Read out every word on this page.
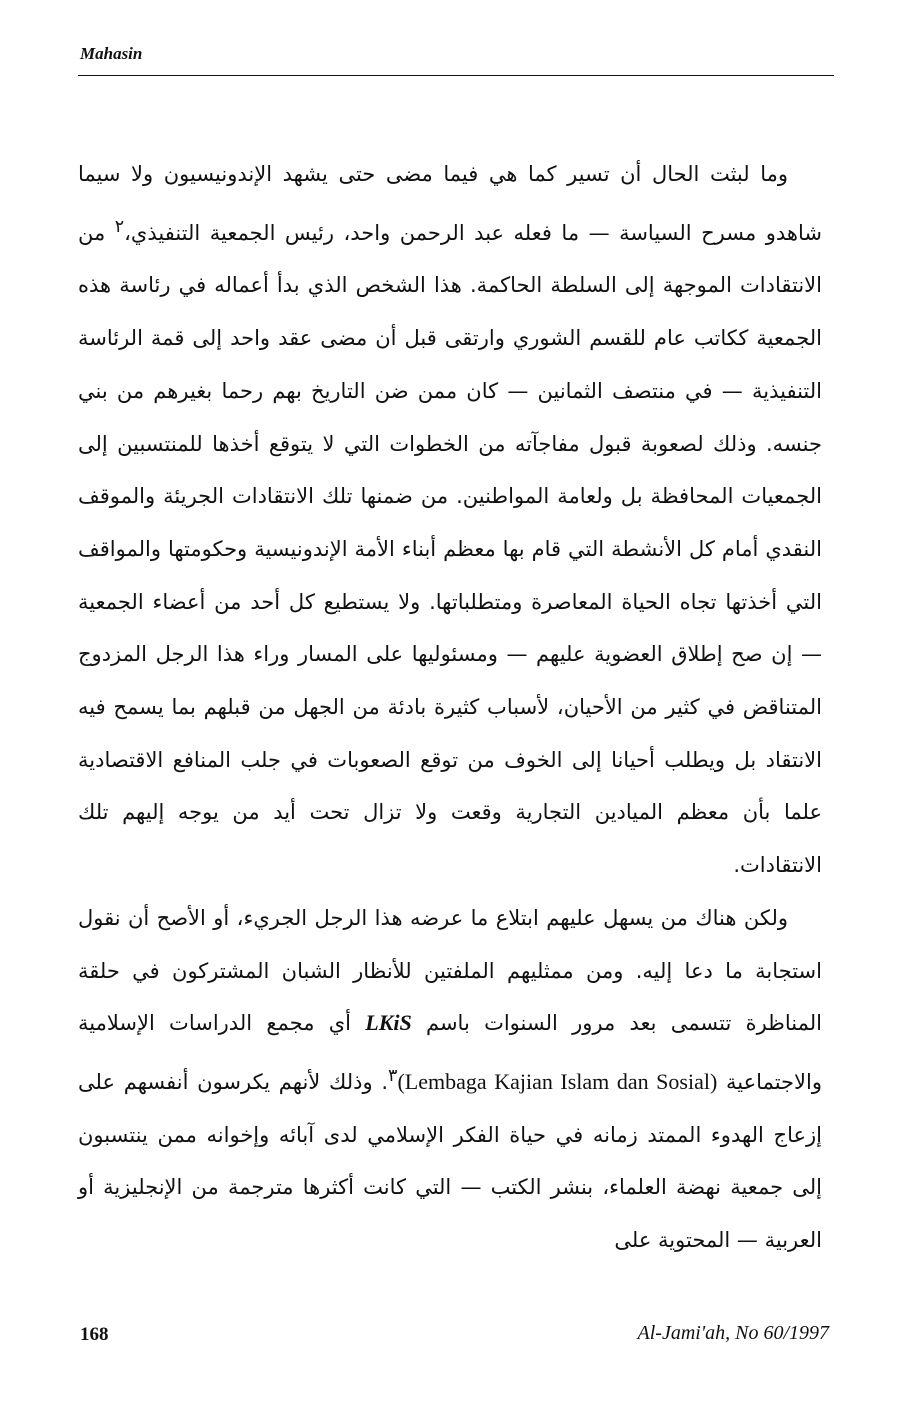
Mahasin

وما لبثت الحال أن تسير كما هي فيما مضى حتى يشهد الإندونيسيون ولا سيما شاهدو مسرح السياسة — ما فعله عبد الرحمن واحد، رئيس الجمعية التنفيذي،$^٢$ من الانتقادات الموجهة إلى السلطة الحاكمة. هذا الشخص الذي بدأ أعماله في رئاسة هذه الجمعية ككاتب عام للقسم الشوري وارتقى قبل أن مضى عقد واحد إلى قمة الرئاسة التنفيذية — في منتصف الثمانين — كان ممن ضن التاريخ بهم رحما بغيرهم من بني جنسه. وذلك لصعوبة قبول مفاجآته من الخطوات التي لا يتوقع أخذها للمنتسبين إلى الجمعيات المحافظة بل ولعامة المواطنين. من ضمنها تلك الانتقادات الجريئة والموقف النقدي أمام كل الأنشطة التي قام بها معظم أبناء الأمة الإندونيسية وحكومتها والمواقف التي أخذتها تجاه الحياة المعاصرة ومتطلباتها. ولا يستطيع كل أحد من أعضاء الجمعية — إن صح إطلاق العضوية عليهم — ومسئوليها على المسار وراء هذا الرجل المزدوج المتناقض في كثير من الأحيان، لأسباب كثيرة بادئة من الجهل من قبلهم بما يسمح فيه الانتقاد بل ويطلب أحيانا إلى الخوف من توقع الصعوبات في جلب المنافع الاقتصادية علما بأن معظم الميادين التجارية وقعت ولا تزال تحت أيد من يوجه إليهم تلك الانتقادات.

ولكن هناك من يسهل عليهم ابتلاع ما عرضه هذا الرجل الجريء، أو الأصح أن نقول استجابة ما دعا إليه. ومن ممثليهم الملفتين للأنظار الشبان المشتركون في حلقة المناظرة تتسمى بعد مرور السنوات باسم LKiS أي مجمع الدراسات الإسلامية والاجتماعية (Lembaga Kajian Islam dan Sosial)$^٣$. وذلك لأنهم يكرسون أنفسهم على إزعاج الهدوء الممتد زمانه في حياة الفكر الإسلامي لدى آبائه وإخوانه ممن ينتسبون إلى جمعية نهضة العلماء، بنشر الكتب — التي كانت أكثرها مترجمة من الإنجليزية أو العربية — المحتوية على

168	Al-Jami'ah, No 60/1997
